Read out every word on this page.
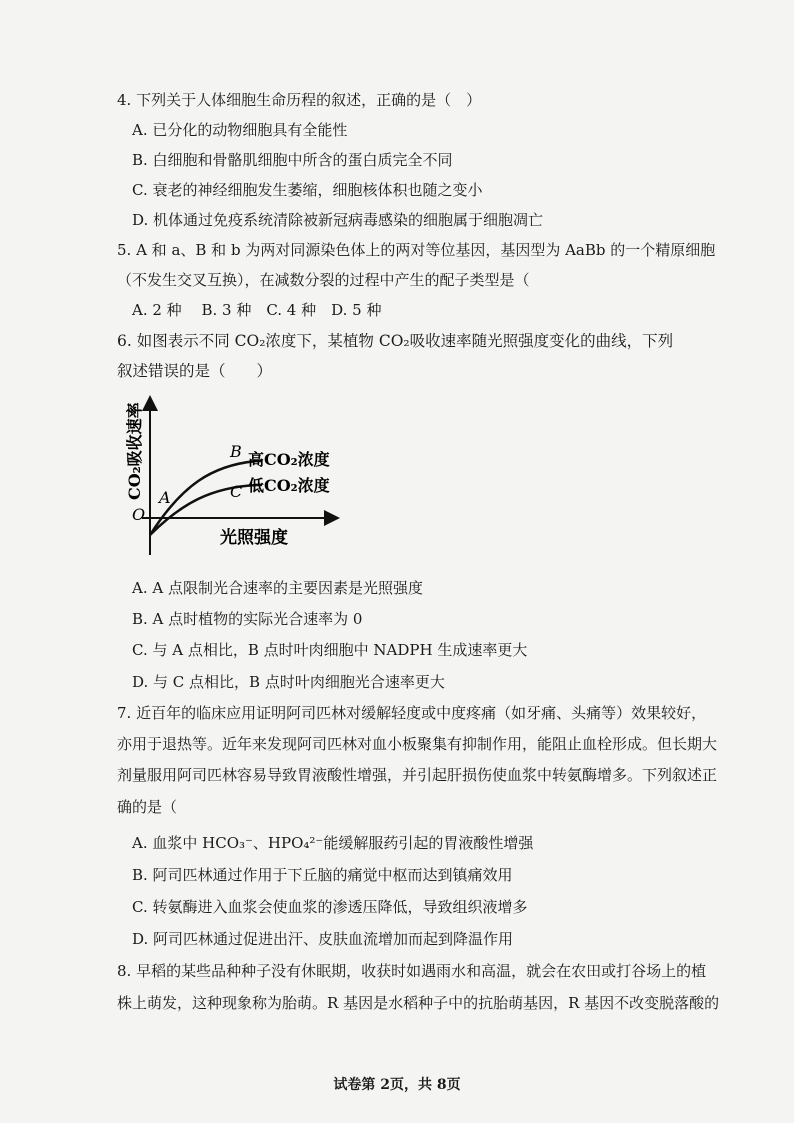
4. 下列关于人体细胞生命历程的叙述，正确的是（　）
A. 已分化的动物细胞具有全能性
B. 白细胞和骨骼肌细胞中所含的蛋白质完全不同
C. 衰老的神经细胞发生萎缩，细胞核体积也随之变小
D. 机体通过免疫系统清除被新冠病毒感染的细胞属于细胞凋亡
5. A 和 a、B 和 b 为两对同源染色体上的两对等位基因，基因型为 AaBb 的一个精原细胞
（不发生交叉互换），在减数分裂的过程中产生的配子类型是（
A. 2 种　 B. 3 种　C. 4 种　D. 5 种
6. 如图表示不同 CO₂浓度下，某植物 CO₂吸收速率随光照强度变化的曲线，下列
叙述错误的是（　　）
O
A
B
C
高CO₂浓度
低CO₂浓度
光照强度
CO₂吸收速率
A. A 点限制光合速率的主要因素是光照强度
B. A 点时植物的实际光合速率为 0
C. 与 A 点相比，B 点时叶肉细胞中 NADPH 生成速率更大
D. 与 C 点相比，B 点时叶肉细胞光合速率更大
7. 近百年的临床应用证明阿司匹林对缓解轻度或中度疼痛（如牙痛、头痛等）效果较好，
亦用于退热等。近年来发现阿司匹林对血小板聚集有抑制作用，能阻止血栓形成。但长期大
剂量服用阿司匹林容易导致胃液酸性增强，并引起肝损伤使血浆中转氨酶增多。下列叙述正
确的是（
A. 血浆中 HCO₃⁻、HPO₄²⁻能缓解服药引起的胃液酸性增强
B. 阿司匹林通过作用于下丘脑的痛觉中枢而达到镇痛效用
C. 转氨酶进入血浆会使血浆的渗透压降低，导致组织液增多
D. 阿司匹林通过促进出汗、皮肤血流增加而起到降温作用
8. 早稻的某些品种种子没有休眠期，收获时如遇雨水和高温，就会在农田或打谷场上的植
株上萌发，这种现象称为胎萌。R 基因是水稻种子中的抗胎萌基因，R 基因不改变脱落酸的
试卷第 2页，共 8页
